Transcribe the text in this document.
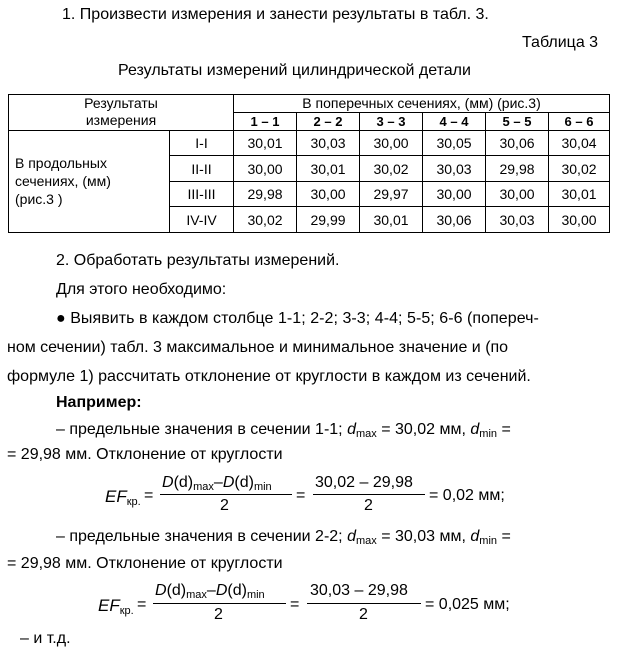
1. Произвести измерения и занести результаты в табл. 3.
Таблица 3
Результаты измерений цилиндрической детали
Результаты
измерения		В поперечных сечениях, (мм) (рис.3)					
		1 – 1	2 – 2	3 – 3	4 – 4	5 – 5	6 – 6
В продольных
сечениях, (мм)
(рис.3 )	I-I	30,01	30,03	30,00	30,05	30,06	30,04
	II-II	30,00	30,01	30,02	30,03	29,98	30,02
	III-III	29,98	30,00	29,97	30,00	30,00	30,01
	IV-IV	30,02	29,99	30,01	30,06	30,03	30,00
2. Обработать результаты измерений.
Для этого необходимо:
● Выявить в каждом столбце 1-1; 2-2; 3-3; 4-4; 5-5; 6-6 (попереч-
ном сечении) табл. 3 максимальное и минимальное значение и (по
формуле 1) рассчитать отклонение от круглости в каждом из сечений.
Например:
– предельные значения в сечении 1-1; $d_{max} = 30,02$ мм, $d_{min}$ =
= 29,98 мм. Отклонение от круглости
$EF_{кр.}$ =
$D(d)_{max}-D(d)_{min}$
2
=
30,02 – 29,98
2
= 0,02 мм;
– предельные значения в сечении 2-2; $d_{max} = 30,03$ мм, $d_{min}$ =
= 29,98 мм. Отклонение от круглости
$EF_{кр.}$ =
$D(d)_{max}-D(d)_{min}$
2
=
30,03 – 29,98
2
= 0,025 мм;
– и т.д.
